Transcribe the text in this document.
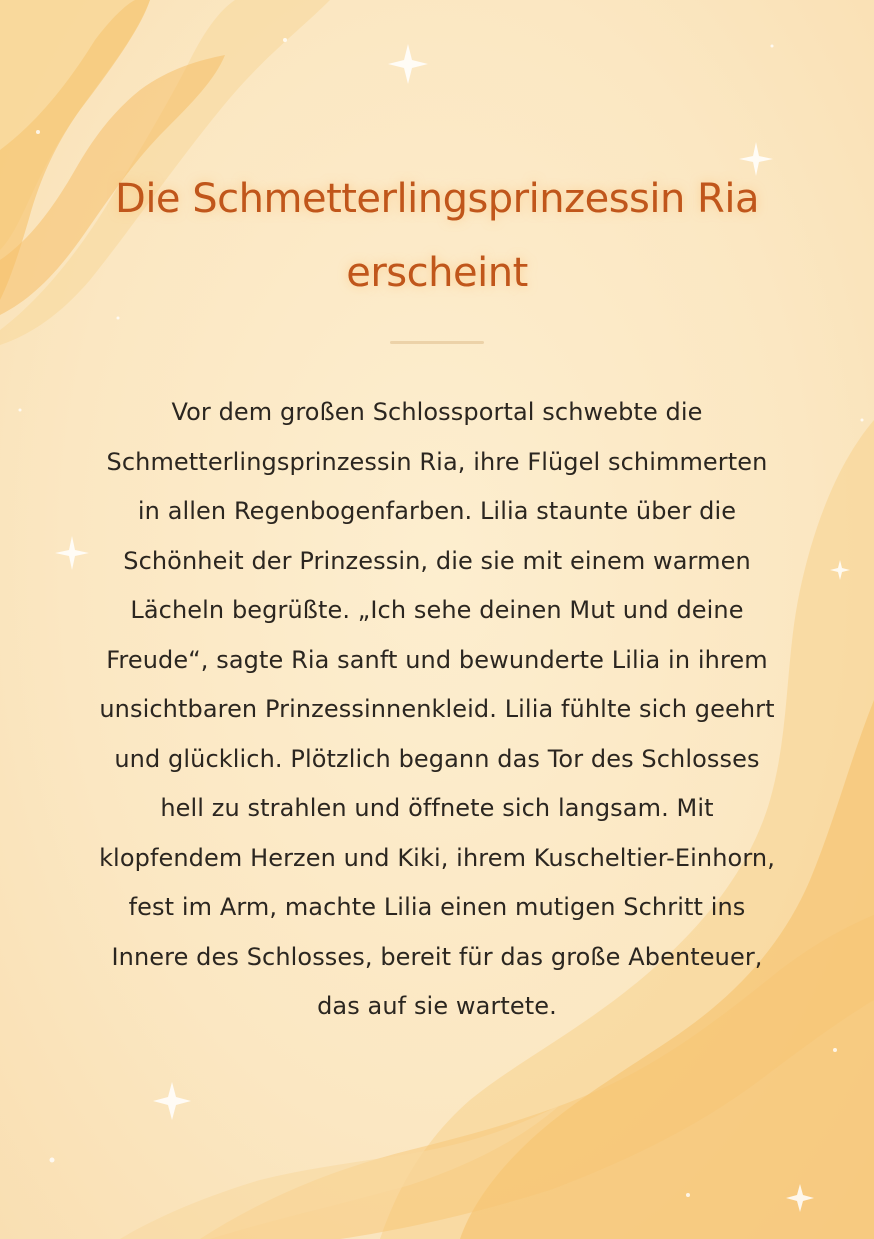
Die Schmetterlingsprinzessin Ria erscheint

Vor dem großen Schlossportal schwebte die Schmetterlingsprinzessin Ria, ihre Flügel schimmerten in allen Regenbogenfarben. Lilia staunte über die Schönheit der Prinzessin, die sie mit einem warmen Lächeln begrüßte. „Ich sehe deinen Mut und deine Freude“, sagte Ria sanft und bewunderte Lilia in ihrem unsichtbaren Prinzessinnenkleid. Lilia fühlte sich geehrt und glücklich. Plötzlich begann das Tor des Schlosses hell zu strahlen und öffnete sich langsam. Mit klopfendem Herzen und Kiki, ihrem Kuscheltier-Einhorn, fest im Arm, machte Lilia einen mutigen Schritt ins Innere des Schlosses, bereit für das große Abenteuer, das auf sie wartete.
